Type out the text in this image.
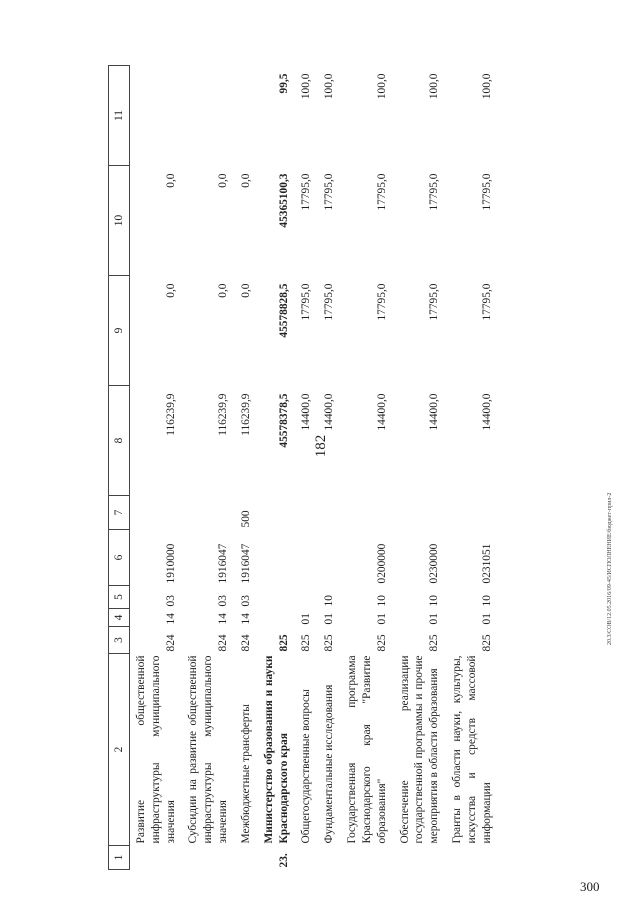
182
300
20.3/СОВ/12.05.2016/09-45/ИСПОЛНЕНИЕ/бюджет-прил-2
1	2	3	4	5	6	7	8	9	10	11
	Развитие общественной инфраструктуры муниципального значения	824	14	03	1910000		116239,9	0,0	0,0	
	Субсидии на развитие общественной инфраструктуры муниципального значения	824	14	03	1916047		116239,9	0,0	0,0	
	Межбюджетные трансферты	824	14	03	1916047	500	116239,9	0,0	0,0	
23.	Министерство образования и науки Краснодарского края	825					45578378,5	45578828,5	45365100,3	99,5
	Общегосударственные вопросы	825	01				14400,0	17795,0	17795,0	100,0
	Фундаментальные исследования	825	01	10			14400,0	17795,0	17795,0	100,0
	Государственная программа Краснодарского края "Развитие образования"	825	01	10	0200000		14400,0	17795,0	17795,0	100,0
	Обеспечение реализации государственной программы и прочие мероприятия в области образования	825	01	10	0230000		14400,0	17795,0	17795,0	100,0
	Гранты в области науки, культуры, искусства и средств массовой информации	825	01	10	0231051		14400,0	17795,0	17795,0	100,0
